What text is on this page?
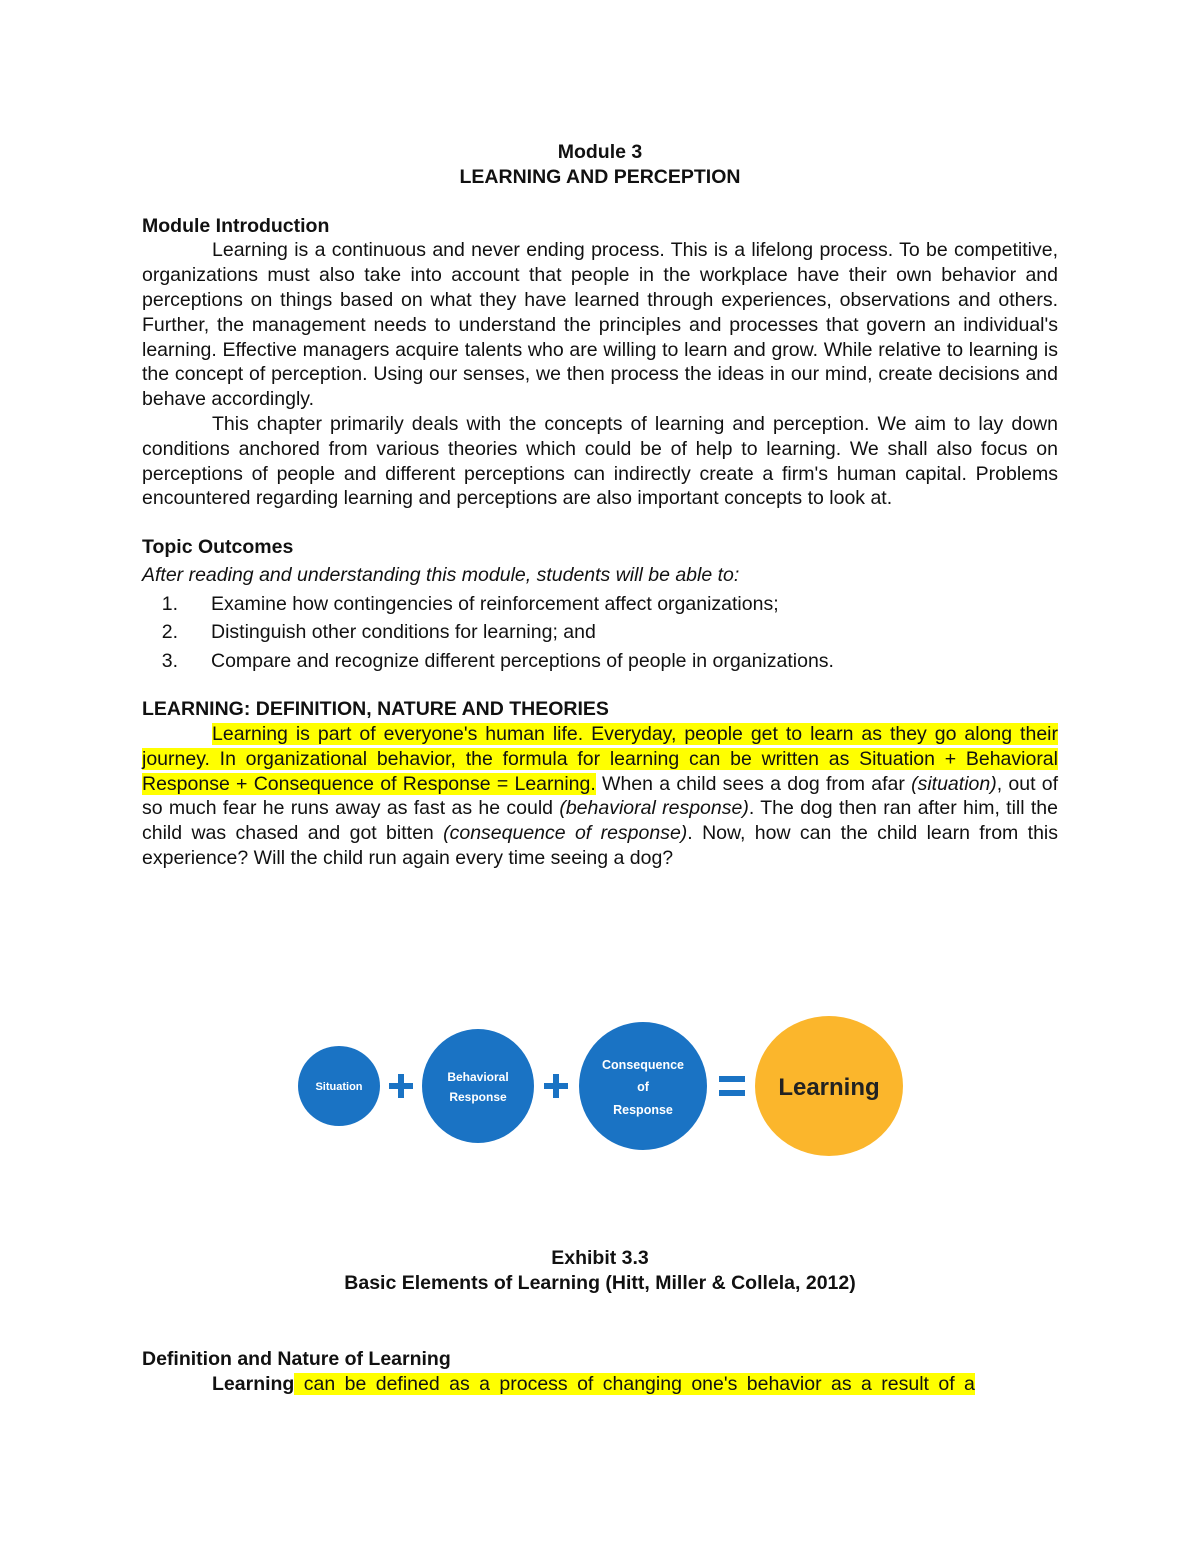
Module 3
LEARNING AND PERCEPTION
Module Introduction

Learning is a continuous and never ending process. This is a lifelong process. To be competitive, organizations must also take into account that people in the workplace have their own behavior and perceptions on things based on what they have learned through experiences, observations and others. Further, the management needs to understand the principles and processes that govern an individual's learning. Effective managers acquire talents who are willing to learn and grow. While relative to learning is the concept of perception. Using our senses, we then process the ideas in our mind, create decisions and behave accordingly.

This chapter primarily deals with the concepts of learning and perception. We aim to lay down conditions anchored from various theories which could be of help to learning. We shall also focus on perceptions of people and different perceptions can indirectly create a firm's human capital. Problems encountered regarding learning and perceptions are also important concepts to look at.

Topic Outcomes
After reading and understanding this module, students will be able to:
1.	Examine how contingencies of reinforcement affect organizations;
2.	Distinguish other conditions for learning; and
3.	Compare and recognize different perceptions of people in organizations.
LEARNING: DEFINITION, NATURE AND THEORIES

Learning is part of everyone's human life. Everyday, people get to learn as they go along their journey. In organizational behavior, the formula for learning can be written as Situation + Behavioral Response + Consequence of Response = Learning. When a child sees a dog from afar (situation), out of so much fear he runs away as fast as he could (behavioral response). The dog then ran after him, till the child was chased and got bitten (consequence of response). Now, how can the child learn from this experience? Will the child run again every time seeing a dog?

Situation
Behavioral
Response
Consequence
of
Response
Learning
Exhibit 3.3
Basic Elements of Learning (Hitt, Miller & Collela, 2012)
Definition and Nature of Learning

Learning can be defined as a process of changing one's behavior as a result of a
